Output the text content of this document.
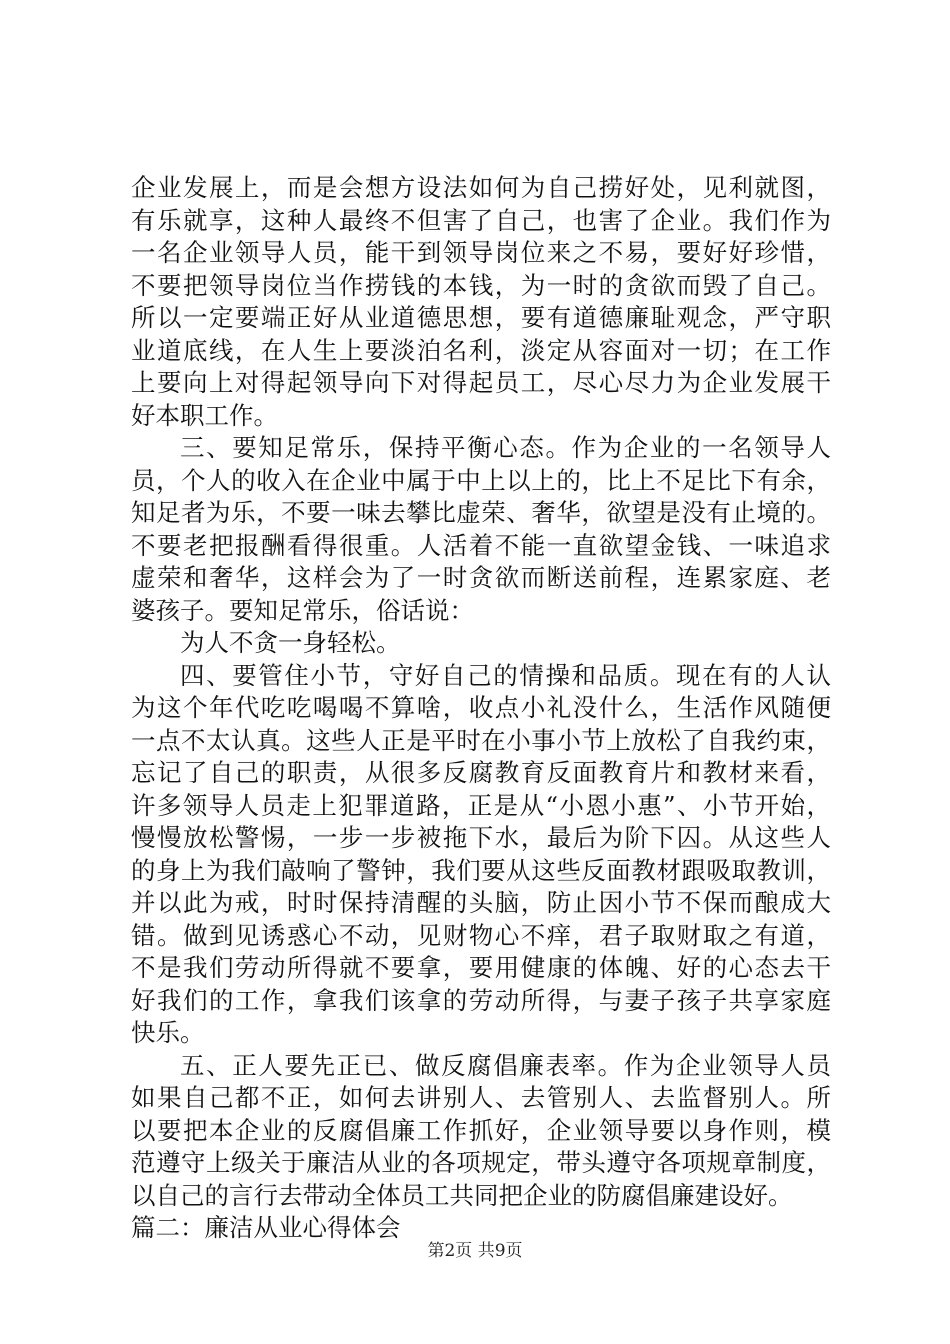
企业发展上，而是会想方设法如何为自己捞好处，见利就图，
有乐就享，这种人最终不但害了自己，也害了企业。我们作为
一名企业领导人员，能干到领导岗位来之不易，要好好珍惜，
不要把领导岗位当作捞钱的本钱，为一时的贪欲而毁了自己。
所以一定要端正好从业道德思想，要有道德廉耻观念，严守职
业道底线，在人生上要淡泊名利，淡定从容面对一切；在工作
上要向上对得起领导向下对得起员工，尽心尽力为企业发展干
好本职工作。
三、要知足常乐，保持平衡心态。作为企业的一名领导人
员，个人的收入在企业中属于中上以上的，比上不足比下有余，
知足者为乐，不要一味去攀比虚荣、奢华，欲望是没有止境的。
不要老把报酬看得很重。人活着不能一直欲望金钱、一味追求
虚荣和奢华，这样会为了一时贪欲而断送前程，连累家庭、老
婆孩子。要知足常乐，俗话说：
为人不贪一身轻松。
四、要管住小节，守好自己的情操和品质。现在有的人认
为这个年代吃吃喝喝不算啥，收点小礼没什么，生活作风随便
一点不太认真。这些人正是平时在小事小节上放松了自我约束，
忘记了自己的职责，从很多反腐教育反面教育片和教材来看，
许多领导人员走上犯罪道路，正是从“小恩小惠”、小节开始，
慢慢放松警惕，一步一步被拖下水，最后为阶下囚。从这些人
的身上为我们敲响了警钟，我们要从这些反面教材跟吸取教训，
并以此为戒，时时保持清醒的头脑，防止因小节不保而酿成大
错。做到见诱惑心不动，见财物心不痒，君子取财取之有道，
不是我们劳动所得就不要拿，要用健康的体魄、好的心态去干
好我们的工作，拿我们该拿的劳动所得，与妻子孩子共享家庭
快乐。
五、正人要先正已、做反腐倡廉表率。作为企业领导人员
如果自己都不正，如何去讲别人、去管别人、去监督别人。所
以要把本企业的反腐倡廉工作抓好，企业领导要以身作则，模
范遵守上级关于廉洁从业的各项规定，带头遵守各项规章制度，
以自己的言行去带动全体员工共同把企业的防腐倡廉建设好。
篇二：廉洁从业心得体会
第2页 共9页
